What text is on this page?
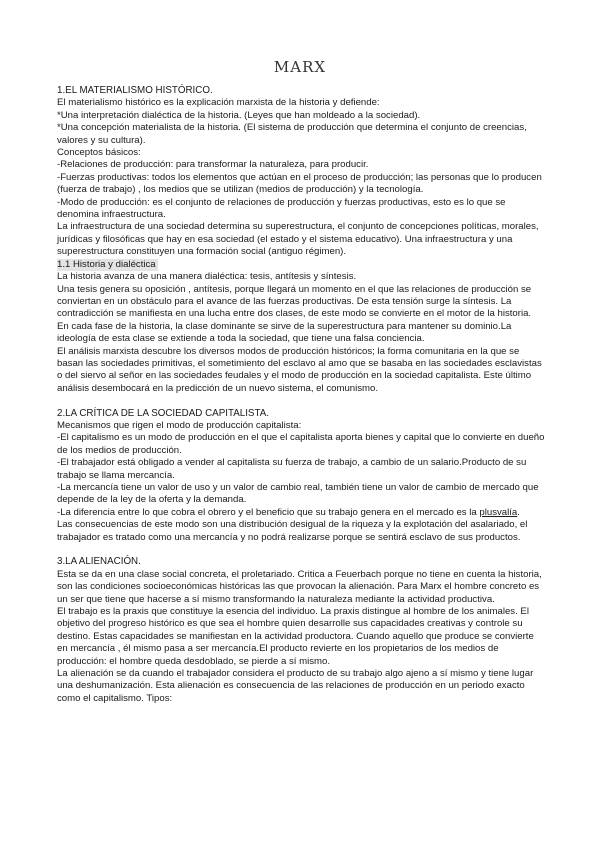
MARX

1.EL MATERIALISMO HISTÓRICO.

El materialismo histórico es la explicación marxista de la historia y defiende:

*Una interpretación dialéctica de la historia. (Leyes que han moldeado a la sociedad).

*Una concepción materialista de la historia. (El sistema de producción que determina el conjunto de creencias, valores y su cultura).

Conceptos básicos:

-Relaciones de producción: para transformar la naturaleza, para producir.

-Fuerzas productivas: todos los elementos que actúan en el proceso de producción; las personas que lo producen (fuerza de trabajo) , los medios que se utilizan (medios de producción) y la tecnología.

-Modo de producción: es el conjunto de relaciones de producción y fuerzas productivas, esto es lo que se denomina infraestructura.

La infraestructura de una sociedad determina su superestructura, el conjunto de concepciones políticas, morales, jurídicas y filosóficas que hay en esa sociedad (el estado y el sistema educativo). Una infraestructura y una superestructura constituyen una formación social (antiguo régimen).

1.1 Historia y dialéctica

La historia avanza de una manera dialéctica: tesis, antítesis y síntesis.

Una tesis genera su oposición , antítesis, porque llegará un momento en el que las relaciones de producción se conviertan en un obstáculo para el avance de las fuerzas productivas. De esta tensión surge la síntesis. La contradicción se manifiesta en una lucha entre dos clases, de este modo se convierte en el motor de la historia.

En cada fase de la historia, la clase dominante se sirve de la superestructura para mantener su dominio.La ideología de esta clase se extiende a toda la sociedad, que tiene una falsa conciencia.

El análisis marxista descubre los diversos modos de producción históricos; la forma comunitaria en la que se basan las sociedades primitivas, el sometimiento del esclavo al amo que se basaba en las sociedades esclavistas o del siervo al señor en las sociedades feudales y el modo de producción en la sociedad capitalista. Este último análisis desembocará en la predicción de un nuevo sistema, el comunismo.

2.LA CRÍTICA DE LA SOCIEDAD CAPITALISTA.

Mecanismos que rigen el modo de producción capitalista:

-El capitalismo es un modo de producción en el que el capitalista aporta bienes y capital que lo convierte en dueño de los medios de producción.

-El trabajador está obligado a vender al capitalista su fuerza de trabajo, a cambio de un salario.Producto de su trabajo se llama mercancía.

-La mercancía tiene un valor de uso y un valor de cambio real, también tiene un valor de cambio de mercado que depende de la ley de la oferta y la demanda.

-La diferencia entre lo que cobra el obrero y el beneficio que su trabajo genera en el mercado es la plusvalía.

Las consecuencias de este modo son una distribución desigual de la riqueza y la explotación del asalariado, el trabajador es tratado como una mercancía y no podrá realizarse porque se sentirá esclavo de sus productos.

3.LA ALIENACIÓN.

Esta se da en una clase social concreta, el proletariado. Critica a Feuerbach porque no tiene en cuenta la historia, son las condiciones socioeconómicas históricas las que provocan la alienación. Para Marx el hombre concreto es un ser que tiene que hacerse a sí mismo transformando la naturaleza mediante la actividad productiva.

El trabajo es la praxis que constituye la esencia del individuo. La praxis distingue al hombre de los animales. El objetivo del progreso histórico es que sea el hombre quien desarrolle sus capacidades creativas y controle su destino. Estas capacidades se manifiestan en la actividad productora. Cuando aquello que produce se convierte en mercancía , él mismo pasa a ser mercancía.El producto revierte en los propietarios de los medios de producción: el hombre queda desdoblado, se pierde a sí mismo.

La alienación se da cuando el trabajador considera el producto de su trabajo algo ajeno a sí mismo y tiene lugar una deshumanización. Esta alienación es consecuencia de las relaciones de producción en un periodo exacto como el capitalismo. Tipos:
